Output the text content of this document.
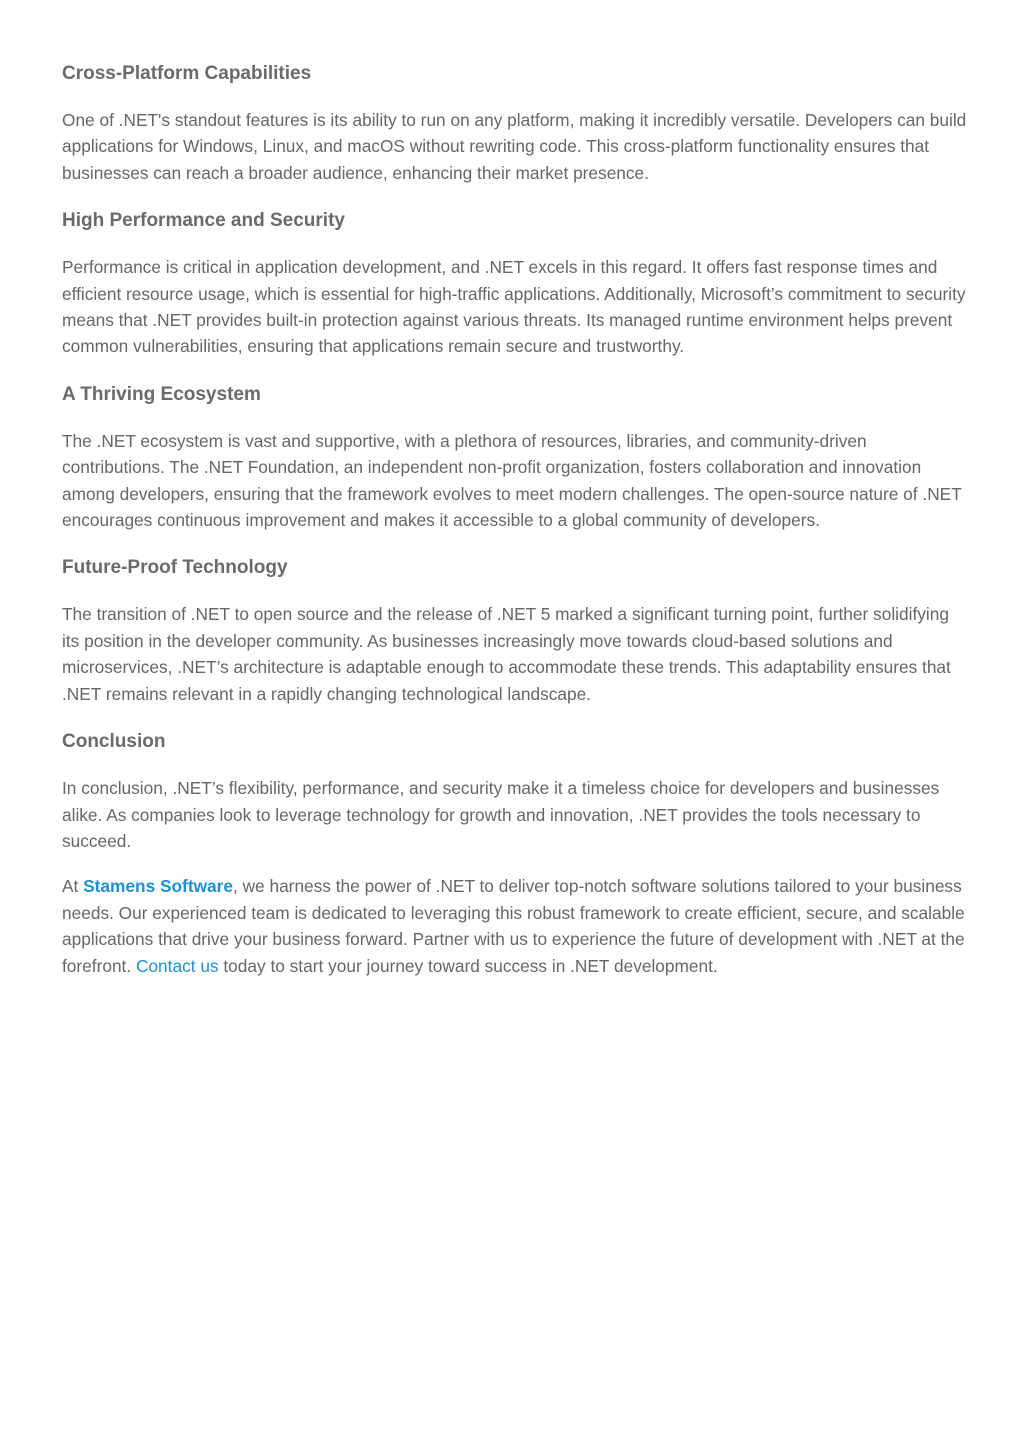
Cross-Platform Capabilities

One of .NET's standout features is its ability to run on any platform, making it incredibly versatile. Developers can build applications for Windows, Linux, and macOS without rewriting code. This cross-platform functionality ensures that businesses can reach a broader audience, enhancing their market presence.

High Performance and Security

Performance is critical in application development, and .NET excels in this regard. It offers fast response times and efficient resource usage, which is essential for high-traffic applications. Additionally, Microsoft’s commitment to security means that .NET provides built-in protection against various threats. Its managed runtime environment helps prevent common vulnerabilities, ensuring that applications remain secure and trustworthy.

A Thriving Ecosystem

The .NET ecosystem is vast and supportive, with a plethora of resources, libraries, and community-driven contributions. The .NET Foundation, an independent non-profit organization, fosters collaboration and innovation among developers, ensuring that the framework evolves to meet modern challenges. The open-source nature of .NET encourages continuous improvement and makes it accessible to a global community of developers.

Future-Proof Technology

The transition of .NET to open source and the release of .NET 5 marked a significant turning point, further solidifying its position in the developer community. As businesses increasingly move towards cloud-based solutions and microservices, .NET’s architecture is adaptable enough to accommodate these trends. This adaptability ensures that .NET remains relevant in a rapidly changing technological landscape.

Conclusion

In conclusion, .NET’s flexibility, performance, and security make it a timeless choice for developers and businesses alike. As companies look to leverage technology for growth and innovation, .NET provides the tools necessary to succeed.

At Stamens Software, we harness the power of .NET to deliver top-notch software solutions tailored to your business needs. Our experienced team is dedicated to leveraging this robust framework to create efficient, secure, and scalable applications that drive your business forward. Partner with us to experience the future of development with .NET at the forefront. Contact us today to start your journey toward success in .NET development.
